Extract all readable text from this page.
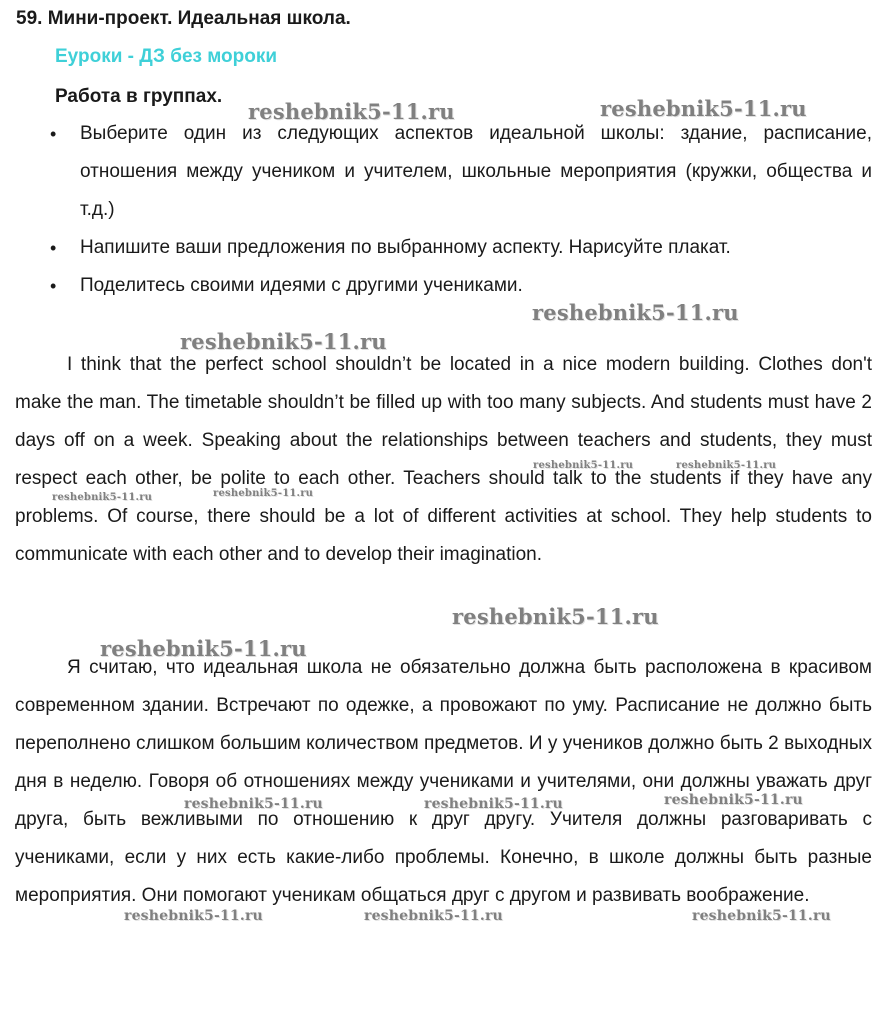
59. Мини-проект. Идеальная школа.
Еуроки - ДЗ без мороки
Работа в группах.
• Выберите один из следующих аспектов идеальной школы: здание, расписание, отношения между учеником и учителем, школьные мероприятия (кружки, общества и т.д.)
• Напишите ваши предложения по выбранному аспекту. Нарисуйте плакат.
• Поделитесь своими идеями с другими учениками.

I think that the perfect school shouldn’t be located in a nice modern building. Clothes don't make the man. The timetable shouldn’t be filled up with too many subjects. And students must have 2 days off on a week. Speaking about the relationships between teachers and students, they must respect each other, be polite to each other. Teachers should talk to the students if they have any problems. Of course, there should be a lot of different activities at school. They help students to communicate with each other and to develop their imagination.

Я считаю, что идеальная школа не обязательно должна быть расположена в красивом современном здании. Встречают по одежке, а провожают по уму. Расписание не должно быть переполнено слишком большим количеством предметов. И у учеников должно быть 2 выходных дня в неделю. Говоря об отношениях между учениками и учителями, они должны уважать друг друга, быть вежливыми по отношению к друг другу. Учителя должны разговаривать с учениками, если у них есть какие-либо проблемы. Конечно, в школе должны быть разные мероприятия. Они помогают ученикам общаться друг с другом и развивать воображение.

reshebnik5-11.ru	reshebnik5-11.ru
reshebnik5-11.ru
reshebnik5-11.ru
reshebnik5-11.ru	reshebnik5-11.ru
reshebnik5-11.ru	reshebnik5-11.ru
reshebnik5-11.ru
reshebnik5-11.ru
reshebnik5-11.ru	reshebnik5-11.ru	reshebnik5-11.ru
reshebnik5-11.ru	reshebnik5-11.ru	reshebnik5-11.ru
